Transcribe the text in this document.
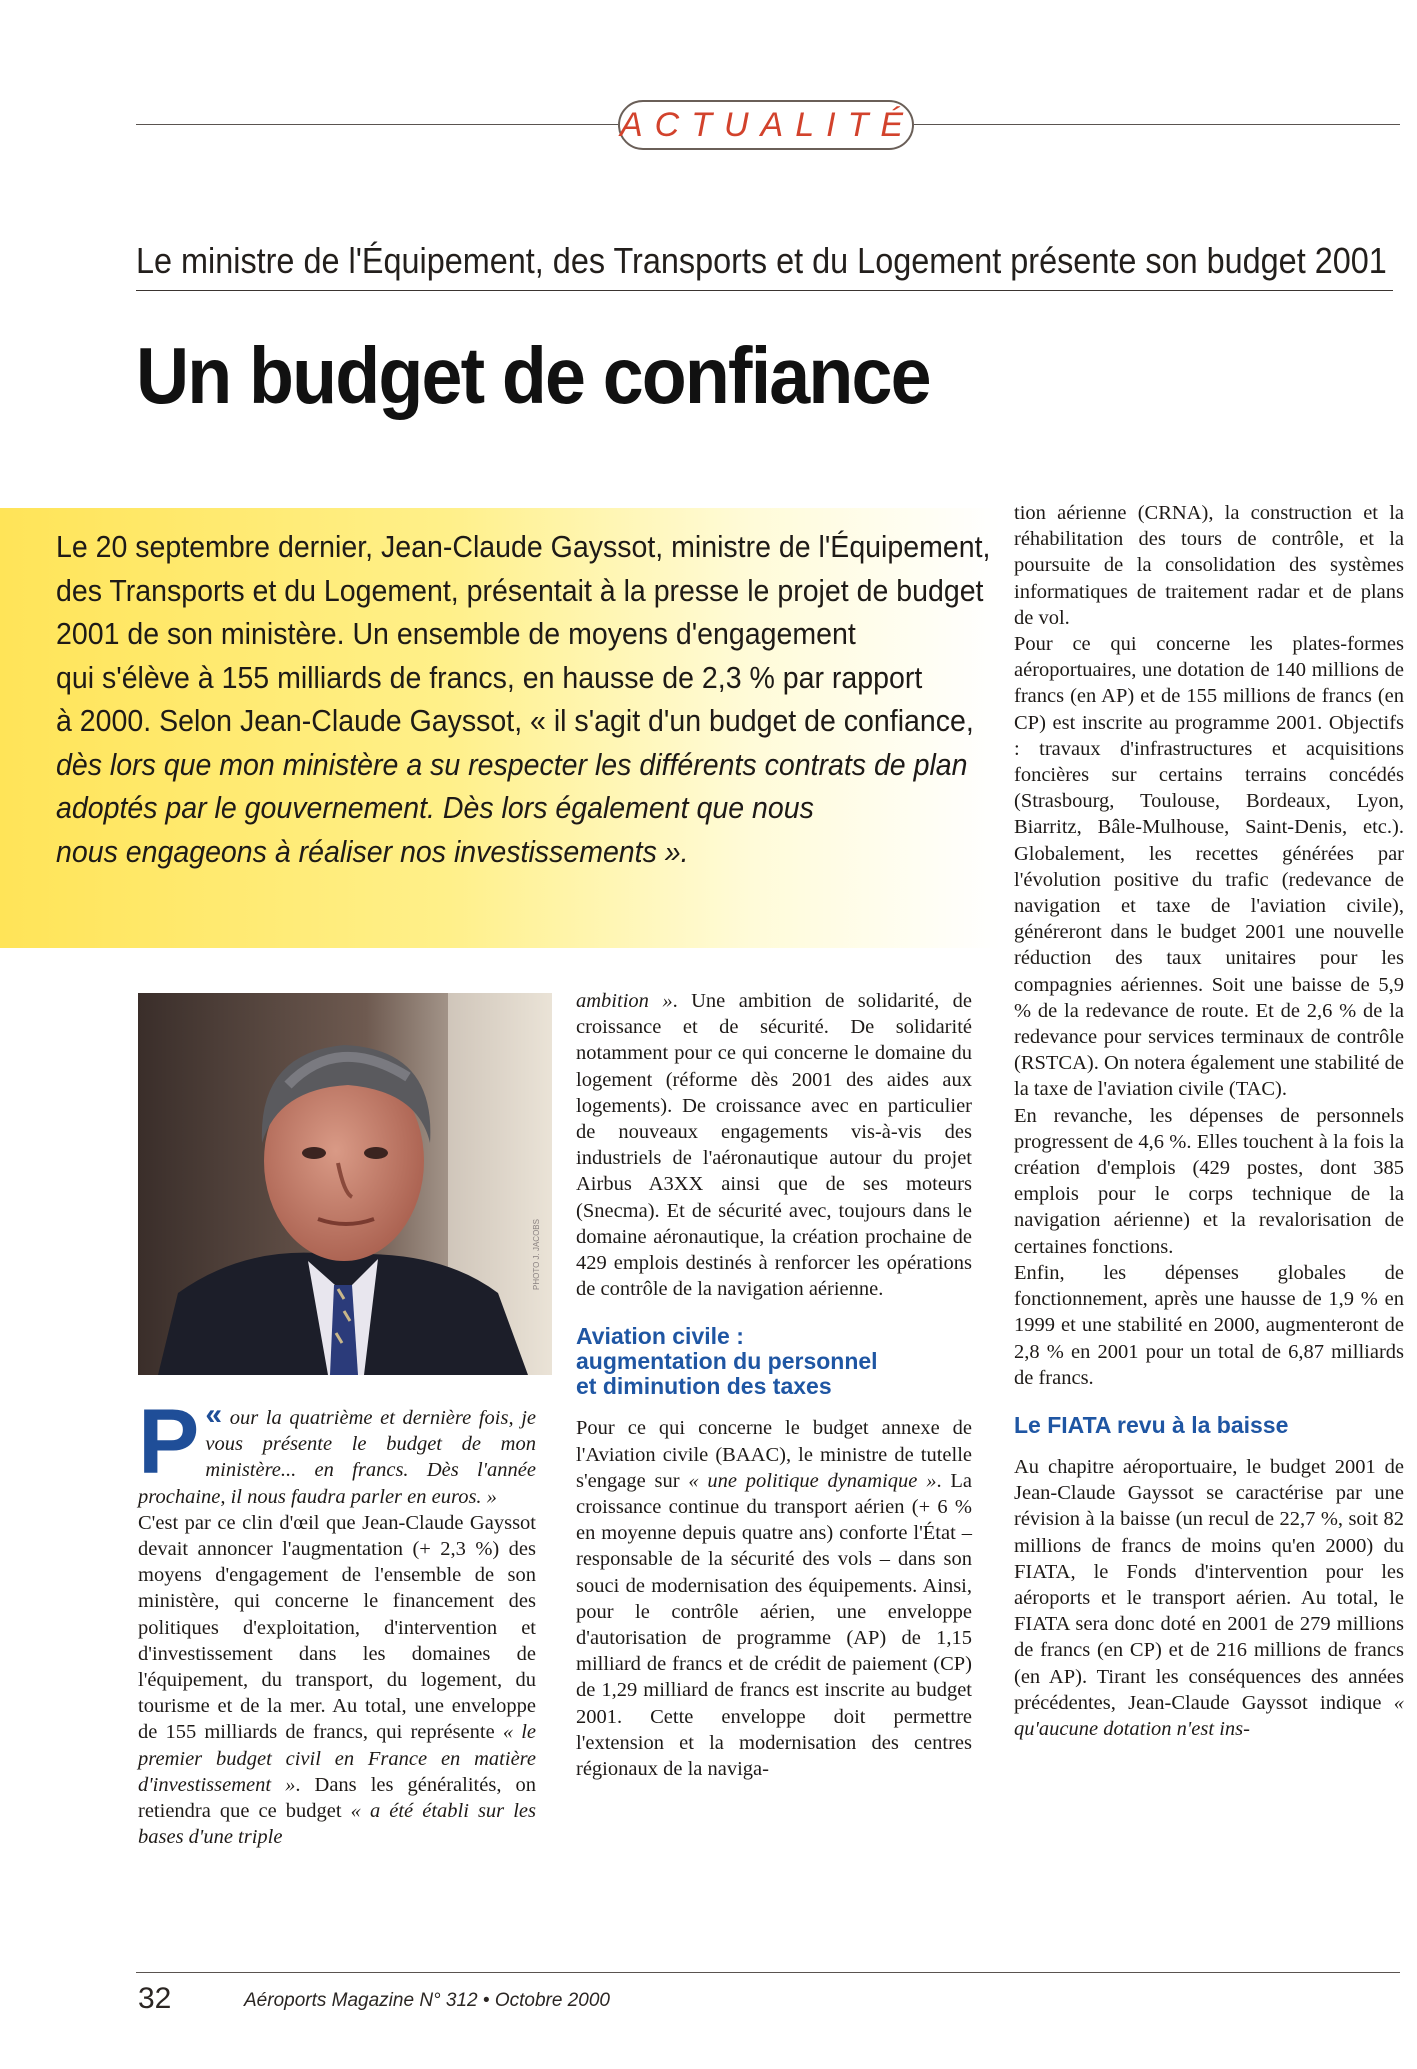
ACTUALITÉ
Le ministre de l'Équipement, des Transports et du Logement présente son budget 2001
Un budget de confiance

Le 20 septembre dernier, Jean-Claude Gayssot, ministre de l'Équipement,

des Transports et du Logement, présentait à la presse le projet de budget

2001 de son ministère. Un ensemble de moyens d'engagement

qui s'élève à 155 milliards de francs, en hausse de 2,3 % par rapport

à 2000. Selon Jean-Claude Gayssot, « il s'agit d'un budget de confiance,

dès lors que mon ministère a su respecter les différents contrats de plan

adoptés par le gouvernement. Dès lors également que nous

nous engageons à réaliser nos investissements ».

PHOTO J. JACOBS

«
P our la quatrième et dernière fois, je vous présente le budget de mon ministère... en francs. Dès l'année prochaine, il nous faudra parler en euros. »

C'est par ce clin d'œil que Jean-Claude Gayssot devait annoncer l'augmentation (+ 2,3 %) des moyens d'engagement de l'ensemble de son ministère, qui concerne le financement des politiques d'exploitation, d'intervention et d'investissement dans les domaines de l'équipement, du transport, du logement, du tourisme et de la mer. Au total, une enveloppe de 155 milliards de francs, qui représente « le premier budget civil en France en matière d'investissement ». Dans les généralités, on retiendra que ce budget « a été établi sur les bases d'une triple

ambition ». Une ambition de solidarité, de croissance et de sécurité. De solidarité notamment pour ce qui concerne le domaine du logement (réforme dès 2001 des aides aux logements). De croissance avec en particulier de nouveaux engagements vis-à-vis des industriels de l'aéronautique autour du projet Airbus A3XX ainsi que de ses moteurs (Snecma). Et de sécurité avec, toujours dans le domaine aéronautique, la création prochaine de 429 emplois destinés à renforcer les opérations de contrôle de la navigation aérienne.

Aviation civile :
augmentation du personnel
et diminution des taxes

Pour ce qui concerne le budget annexe de l'Aviation civile (BAAC), le ministre de tutelle s'engage sur « une politique dynamique ». La croissance continue du transport aérien (+ 6 % en moyenne depuis quatre ans) conforte l'État – responsable de la sécurité des vols – dans son souci de modernisation des équipements. Ainsi, pour le contrôle aérien, une enveloppe d'autorisation de programme (AP) de 1,15 milliard de francs et de crédit de paiement (CP) de 1,29 milliard de francs est inscrite au budget 2001. Cette enveloppe doit permettre l'extension et la modernisation des centres régionaux de la naviga-

tion aérienne (CRNA), la construction et la réhabilitation des tours de contrôle, et la poursuite de la consolidation des systèmes informatiques de traitement radar et de plans de vol.

Pour ce qui concerne les plates-formes aéroportuaires, une dotation de 140 millions de francs (en AP) et de 155 millions de francs (en CP) est inscrite au programme 2001. Objectifs : travaux d'infrastructures et acquisitions foncières sur certains terrains concédés (Strasbourg, Toulouse, Bordeaux, Lyon, Biarritz, Bâle-Mulhouse, Saint-Denis, etc.). Globalement, les recettes générées par l'évolution positive du trafic (redevance de navigation et taxe de l'aviation civile), généreront dans le budget 2001 une nouvelle réduction des taux unitaires pour les compagnies aériennes. Soit une baisse de 5,9 % de la redevance de route. Et de 2,6 % de la redevance pour services terminaux de contrôle (RSTCA). On notera également une stabilité de la taxe de l'aviation civile (TAC).

En revanche, les dépenses de personnels progressent de 4,6 %. Elles touchent à la fois la création d'emplois (429 postes, dont 385 emplois pour le corps technique de la navigation aérienne) et la revalorisation de certaines fonctions.

Enfin, les dépenses globales de fonctionnement, après une hausse de 1,9 % en 1999 et une stabilité en 2000, augmenteront de 2,8 % en 2001 pour un total de 6,87 milliards de francs.

Le FIATA revu à la baisse

Au chapitre aéroportuaire, le budget 2001 de Jean-Claude Gayssot se caractérise par une révision à la baisse (un recul de 22,7 %, soit 82 millions de francs de moins qu'en 2000) du FIATA, le Fonds d'intervention pour les aéroports et le transport aérien. Au total, le FIATA sera donc doté en 2001 de 279 millions de francs (en CP) et de 216 millions de francs (en AP). Tirant les conséquences des années précédentes, Jean-Claude Gayssot indique « qu'aucune dotation n'est ins-

32	Aéroports Magazine N° 312 • Octobre 2000
